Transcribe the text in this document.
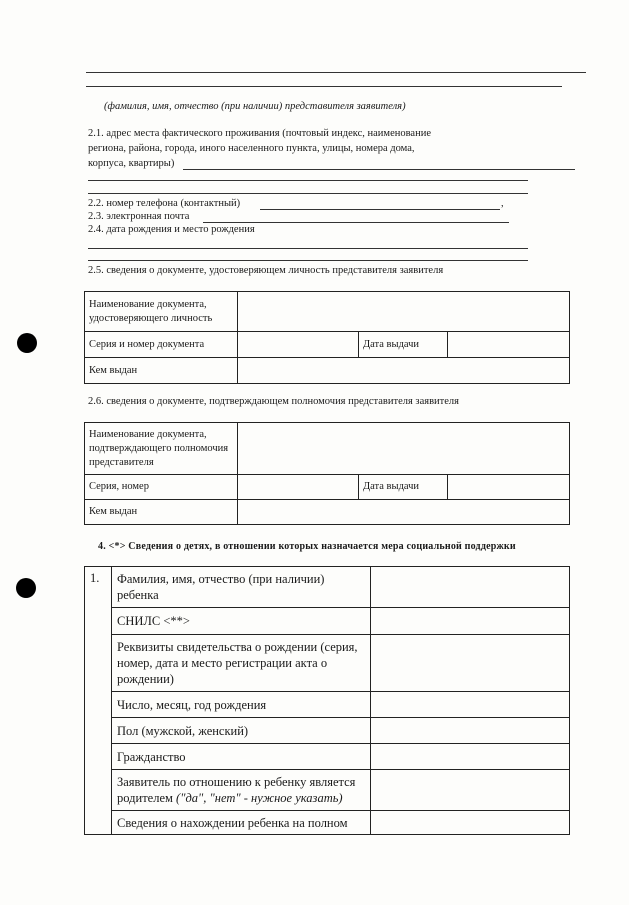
(фамилия, имя, отчество (при наличии) представителя заявителя)
2.1. адрес места фактического проживания (почтовый индекс, наименование
региона, района, города, иного населенного пункта, улицы, номера дома,
корпуса, квартиры)
2.2. номер телефона (контактный)	,
2.3. электронная почта
2.4. дата рождения и место рождения
2.5. сведения о документе, удостоверяющем личность представителя заявителя
Наименование документа, удостоверяющего личность			
Серия и номер документа		Дата выдачи	
Кем выдан			
2.6. сведения о документе, подтверждающем полномочия представителя заявителя
Наименование документа, подтверждающего полномочия представителя			
Серия, номер		Дата выдачи	
Кем выдан			
4. <*> Сведения о детях, в отношении которых назначается мера социальной поддержки
1.	Фамилия, имя, отчество (при наличии) ребенка	
	СНИЛС <**>	
	Реквизиты свидетельства о рождении (серия, номер, дата и место регистрации акта о рождении)	
	Число, месяц, год рождения	
	Пол (мужской, женский)	
	Гражданство	
	Заявитель по отношению к ребенку является родителем ("да", "нет" - нужное указать)	
	Сведения о нахождении ребенка на полном	
